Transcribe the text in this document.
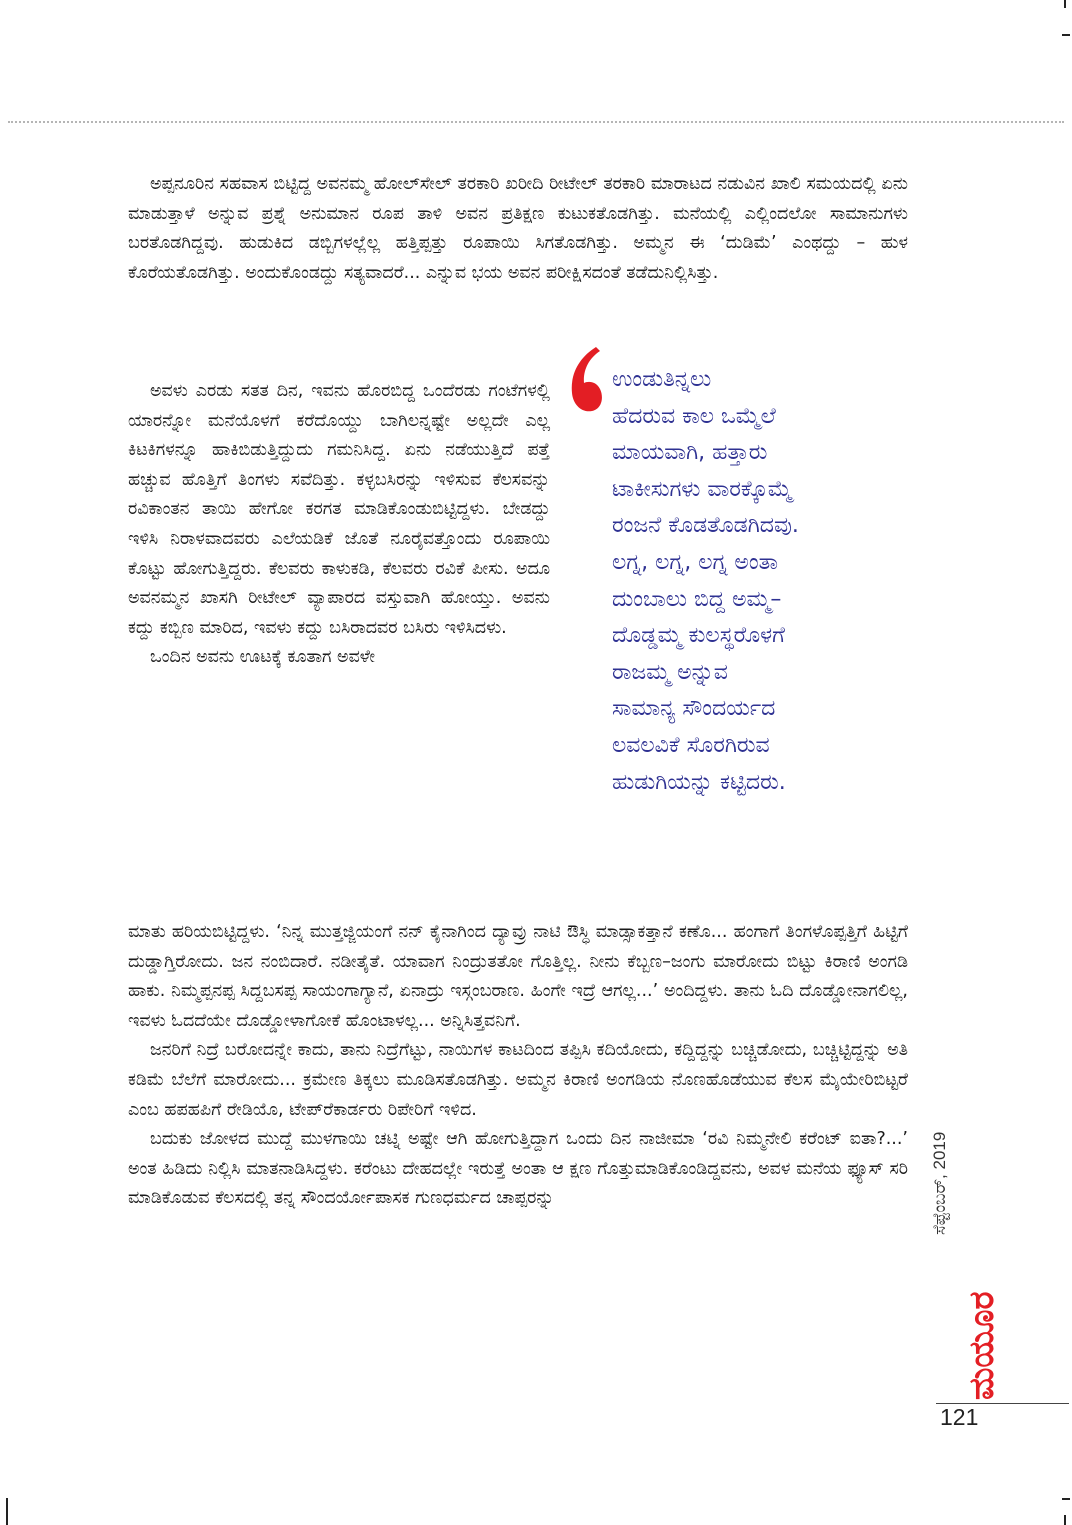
ಅಪ್ಪನೂರಿನ ಸಹವಾಸ ಬಿಟ್ಟಿದ್ದ ಅವನಮ್ಮ ಹೋಲ್‌ಸೇಲ್ ತರಕಾರಿ ಖರೀದಿ ರೀಟೇಲ್ ತರಕಾರಿ ಮಾರಾಟದ ನಡುವಿನ ಖಾಲಿ ಸಮಯದಲ್ಲಿ ಏನು ಮಾಡುತ್ತಾಳೆ ಅನ್ನುವ ಪ್ರಶ್ನೆ ಅನುಮಾನ ರೂಪ ತಾಳಿ ಅವನ ಪ್ರತಿಕ್ಷಣ ಕುಟುಕತೊಡಗಿತ್ತು. ಮನೆಯಲ್ಲಿ ಎಲ್ಲಿಂದಲೋ ಸಾಮಾನುಗಳು ಬರತೊಡಗಿದ್ದವು. ಹುಡುಕಿದ ಡಬ್ಬಿಗಳಲ್ಲೆಲ್ಲ ಹತ್ತಿಪ್ಪತ್ತು ರೂಪಾಯಿ ಸಿಗತೊಡಗಿತ್ತು. ಅಮ್ಮನ ಈ ‘ದುಡಿಮೆ’ ಎಂಥದ್ದು – ಹುಳ ಕೊರೆಯತೊಡಗಿತ್ತು. ಅಂದುಕೊಂಡದ್ದು ಸತ್ಯವಾದರೆ... ಎನ್ನುವ ಭಯ ಅವನ ಪರೀಕ್ಷಿಸದಂತೆ ತಡೆದುನಿಲ್ಲಿಸಿತ್ತು.

ಅವಳು ಎರಡು ಸತತ ದಿನ, ಇವನು ಹೊರಬಿದ್ದ ಒಂದೆರಡು ಗಂಟೆಗಳಲ್ಲಿ ಯಾರನ್ನೋ ಮನೆಯೊಳಗೆ ಕರೆದೊಯ್ದು ಬಾಗಿಲನ್ನಷ್ಟೇ ಅಲ್ಲದೇ ಎಲ್ಲ ಕಿಟಕಿಗಳನ್ನೂ ಹಾಕಿಬಿಡುತ್ತಿದ್ದುದು ಗಮನಿಸಿದ್ದ. ಏನು ನಡೆಯುತ್ತಿದೆ ಪತ್ತೆ ಹಚ್ಚುವ ಹೊತ್ತಿಗೆ ತಿಂಗಳು ಸವೆದಿತ್ತು. ಕಳ್ಳಬಸಿರನ್ನು ಇಳಿಸುವ ಕೆಲಸವನ್ನು ರವಿಕಾಂತನ ತಾಯಿ ಹೇಗೋ ಕರಗತ ಮಾಡಿಕೊಂಡುಬಿಟ್ಟಿದ್ದಳು. ಬೇಡದ್ದು ಇಳಿಸಿ ನಿರಾಳವಾದವರು ಎಲೆಯಡಿಕೆ ಜೊತೆ ನೂರೈವತ್ತೊಂದು ರೂಪಾಯಿ ಕೊಟ್ಟು ಹೋಗುತ್ತಿದ್ದರು. ಕೆಲವರು ಕಾಳುಕಡಿ, ಕೆಲವರು ರವಿಕೆ ಪೀಸು. ಅದೂ ಅವನಮ್ಮನ ಖಾಸಗಿ ರೀಟೇಲ್ ವ್ಯಾಪಾರದ ವಸ್ತುವಾಗಿ ಹೋಯ್ತು. ಅವನು ಕದ್ದು ಕಬ್ಬಿಣ ಮಾರಿದ, ಇವಳು ಕದ್ದು ಬಸಿರಾದವರ ಬಸಿರು ಇಳಿಸಿದಳು.

ಒಂದಿನ ಅವನು ಊಟಕ್ಕೆ ಕೂತಾಗ ಅವಳೇ

ಉಂಡುತಿನ್ನಲು
ಹೆದರುವ ಕಾಲ ಒಮ್ಮೆಲೆ
ಮಾಯವಾಗಿ, ಹತ್ತಾರು
ಟಾಕೀಸುಗಳು ವಾರಕ್ಕೊಮ್ಮೆ
ರಂಜನೆ ಕೊಡತೊಡಗಿದವು.
ಲಗ್ನ, ಲಗ್ನ, ಲಗ್ನ ಅಂತಾ
ದುಂಬಾಲು ಬಿದ್ದ ಅಮ್ಮ–
ದೊಡ್ಡಮ್ಮ ಕುಲಸ್ಥರೊಳಗೆ
ರಾಜಮ್ಮ ಅನ್ನುವ
ಸಾಮಾನ್ಯ ಸೌಂದರ್ಯದ
ಲವಲವಿಕೆ ಸೊರಗಿರುವ
ಹುಡುಗಿಯನ್ನು ಕಟ್ಟಿದರು.

ಮಾತು ಹರಿಯಬಿಟ್ಟಿದ್ದಳು. ‘ನಿನ್ನ ಮುತ್ತಜ್ಜಿಯಂಗೆ ನನ್ ಕೈನಾಗಿಂದ ದ್ಯಾವ್ರು ನಾಟಿ ಔಸ್ಧಿ ಮಾಡ್ಸಾಕತ್ತಾನೆ ಕಣೊ... ಹಂಗಾಗೆ ತಿಂಗಳೊಪ್ಪತ್ತಿಗೆ ಹಿಟ್ಟಿಗೆ ದುಡ್ಡಾಗ್ತಿರೋದು. ಜನ ನಂಬಿದಾರೆ. ನಡೀತೈತೆ. ಯಾವಾಗ ನಿಂದ್ರುತತೋ ಗೊತ್ತಿಲ್ಲ. ನೀನು ಕೆಬ್ಬಣ–ಜಂಗು ಮಾರೋದು ಬಿಟ್ಟು ಕಿರಾಣಿ ಅಂಗಡಿ ಹಾಕು. ನಿಮ್ಮಪ್ಪನಪ್ಪ ಸಿದ್ದಬಸಪ್ಪ ಸಾಯಂಗಾಗ್ಯಾನೆ, ಏನಾದ್ರು ಇಸ್ಗಂಬರಾಣ. ಹಿಂಗೇ ಇದ್ರೆ ಆಗಲ್ಲ...’ ಅಂದಿದ್ದಳು. ತಾನು ಓದಿ ದೊಡ್ಡೋನಾಗಲಿಲ್ಲ, ಇವಳು ಓದದೆಯೇ ದೊಡ್ಡೋಳಾಗೋಕೆ ಹೊಂಟಾಳಲ್ಲ... ಅನ್ನಿಸಿತ್ತವನಿಗೆ.

ಜನರಿಗೆ ನಿದ್ರೆ ಬರೋದನ್ನೇ ಕಾದು, ತಾನು ನಿದ್ರೆಗೆಟ್ಟು, ನಾಯಿಗಳ ಕಾಟದಿಂದ ತಪ್ಪಿಸಿ ಕದಿಯೋದು, ಕದ್ದಿದ್ದನ್ನು ಬಚ್ಚಿಡೋದು, ಬಚ್ಚಿಟ್ಟಿದ್ದನ್ನು ಅತಿ ಕಡಿಮೆ ಬೆಲೆಗೆ ಮಾರೋದು... ಕ್ರಮೇಣ ತಿಕ್ಕಲು ಮೂಡಿಸತೊಡಗಿತ್ತು. ಅಮ್ಮನ ಕಿರಾಣಿ ಅಂಗಡಿಯ ನೊಣಹೊಡೆಯುವ ಕೆಲಸ ಮೈಯೇರಿಬಿಟ್ಟರೆ ಎಂಬ ಹಪಹಪಿಗೆ ರೇಡಿಯೊ, ಟೇಪ್‌ರೆಕಾರ್ಡರು ರಿಪೇರಿಗೆ ಇಳಿದ.

ಬದುಕು ಜೋಳದ ಮುದ್ದೆ ಮುಳಗಾಯಿ ಚಟ್ನಿ ಅಷ್ಟೇ ಆಗಿ ಹೋಗುತ್ತಿದ್ದಾಗ ಒಂದು ದಿನ ನಾಜೀಮಾ ‘ರವಿ ನಿಮ್ಮನೇಲಿ ಕರೆಂಟ್ ಐತಾ?...’ ಅಂತ ಹಿಡಿದು ನಿಲ್ಲಿಸಿ ಮಾತನಾಡಿಸಿದ್ದಳು. ಕರೆಂಟು ದೇಹದಲ್ಲೇ ಇರುತ್ತೆ ಅಂತಾ ಆ ಕ್ಷಣ ಗೊತ್ತುಮಾಡಿಕೊಂಡಿದ್ದವನು, ಅವಳ ಮನೆಯ ಫ್ಯೂಸ್ ಸರಿ ಮಾಡಿಕೊಡುವ ಕೆಲಸದಲ್ಲಿ ತನ್ನ ಸೌಂದರ್ಯೋಪಾಸಕ ಗುಣಧರ್ಮದ ಚಾಪ್ಪರನ್ನು	ಸೆಪ್ಟೆಂಬರ್, 2019
ಮಯೂರ
121
